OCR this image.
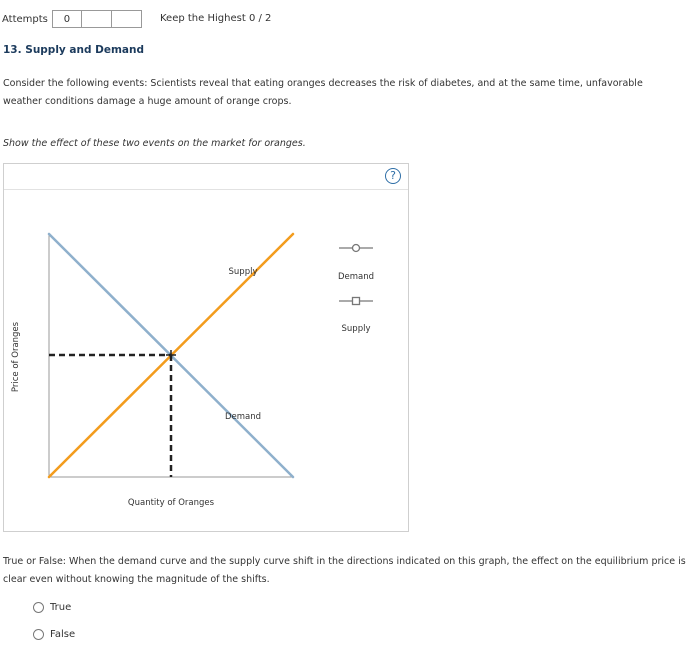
Attempts	0	Keep the Highest 0 / 2
13. Supply and Demand
Consider the following events: Scientists reveal that eating oranges decreases the risk of diabetes, and at the same time, unfavorable weather conditions damage a huge amount of orange crops.
Show the effect of these two events on the market for oranges.
?
Price of Oranges
Quantity of Oranges
Supply
Demand
Demand
Supply
True or False: When the demand curve and the supply curve shift in the directions indicated on this graph, the effect on the equilibrium price is clear even without knowing the magnitude of the shifts.
True
False
